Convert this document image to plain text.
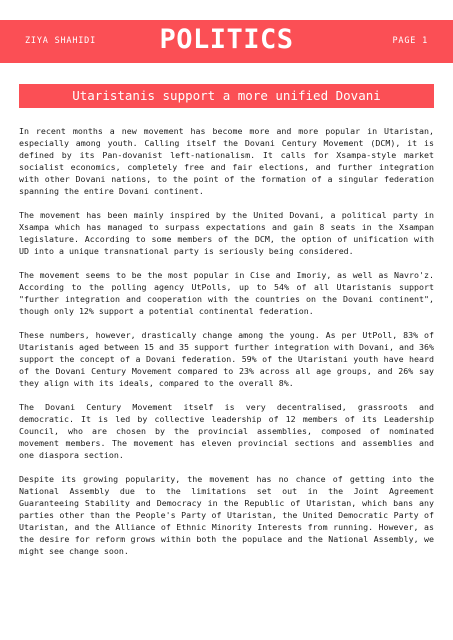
ZIYA SHAHIDI	POLITICS	PAGE 1
Utaristanis support a more unified Dovani

In recent months a new movement has become more and more popular in Utaristan, especially among youth. Calling itself the Dovani Century Movement (DCM), it is defined by its Pan-dovanist left-nationalism. It calls for Xsampa-style market socialist economics, completely free and fair elections, and further integration with other Dovani nations, to the point of the formation of a singular federation spanning the entire Dovani continent.

The movement has been mainly inspired by the United Dovani, a political party in Xsampa which has managed to surpass expectations and gain 8 seats in the Xsampan legislature. According to some members of the DCM, the option of unification with UD into a unique transnational party is seriously being considered.

The movement seems to be the most popular in Cise and Imoriy, as well as Navro'z. According to the polling agency UtPolls, up to 54% of all Utaristanis support "further integration and cooperation with the countries on the Dovani continent", though only 12% support a potential continental federation.

These numbers, however, drastically change among the young. As per UtPoll, 83% of Utaristanis aged between 15 and 35 support further integration with Dovani, and 36% support the concept of a Dovani federation. 59% of the Utaristani youth have heard of the Dovani Century Movement compared to 23% across all age groups, and 26% say they align with its ideals, compared to the overall 8%.

The Dovani Century Movement itself is very decentralised, grassroots and democratic. It is led by collective leadership of 12 members of its Leadership Council, who are chosen by the provincial assemblies, composed of nominated movement members. The movement has eleven provincial sections and assemblies and one diaspora section.

Despite its growing popularity, the movement has no chance of getting into the National Assembly due to the limitations set out in the Joint Agreement Guaranteeing Stability and Democracy in the Republic of Utaristan, which bans any parties other than the People's Party of Utaristan, the United Democratic Party of Utaristan, and the Alliance of Ethnic Minority Interests from running. However, as the desire for reform grows within both the populace and the National Assembly, we might see change soon.
